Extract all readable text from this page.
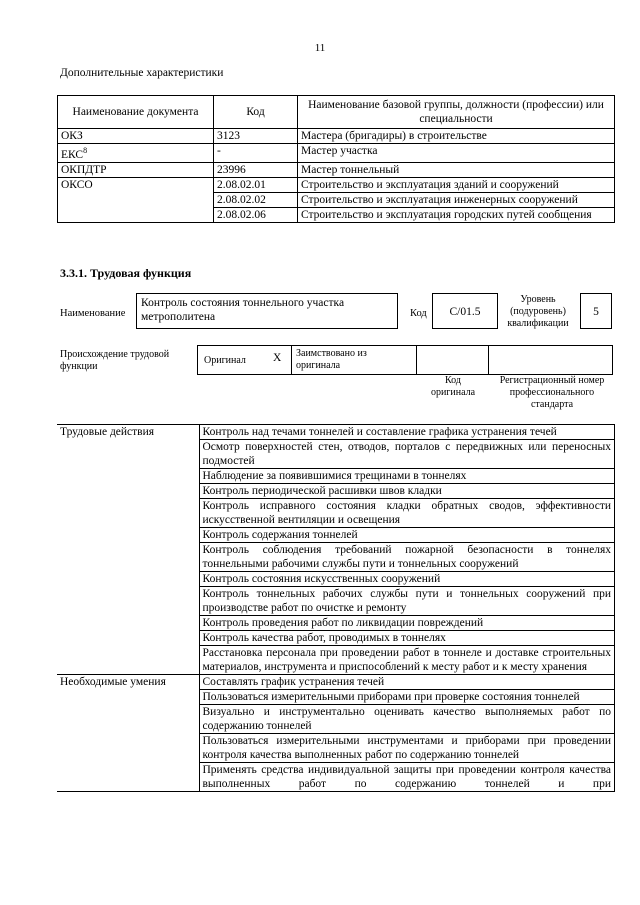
11
Дополнительные характеристики
Наименование документа	Код	Наименование базовой группы, должности (профессии) или специальности
ОКЗ	3123	Мастера (бригадиры) в строительстве
ЕКС$^8$	-	Мастер участка
ОКПДТР	23996	Мастер тоннельный
ОКСО	2.08.02.01	Строительство и эксплуатация зданий и сооружений
	2.08.02.02	Строительство и эксплуатация инженерных сооружений
	2.08.02.06	Строительство и эксплуатация городских путей сообщения
3.3.1. Трудовая функция
Наименование
Контроль состояния тоннельного участка метрополитена	Код	С/01.5
Уровень (подуровень) квалификации
5
Происхождение трудовой функции
Оригинал X Заимствовано из оригинала
Код оригинала
Регистрационный номер профессионального стандарта
Трудовые действия	Контроль над течами тоннелей и составление графика устранения течей
	Осмотр поверхностей стен, отводов, порталов с передвижных или переносных подмостей
	Наблюдение за появившимися трещинами в тоннелях
	Контроль периодической расшивки швов кладки
	Контроль исправного состояния кладки обратных сводов, эффективности искусственной вентиляции и освещения
	Контроль содержания тоннелей
	Контроль соблюдения требований пожарной безопасности в тоннелях тоннельными рабочими службы пути и тоннельных сооружений
	Контроль состояния искусственных сооружений
	Контроль тоннельных рабочих службы пути и тоннельных сооружений при производстве работ по очистке и ремонту
	Контроль проведения работ по ликвидации повреждений
	Контроль качества работ, проводимых в тоннелях
	Расстановка персонала при проведении работ в тоннеле и доставке строительных материалов, инструмента и приспособлений к месту работ и к месту хранения
Необходимые умения	Составлять график устранения течей
	Пользоваться измерительными приборами при проверке состояния тоннелей
	Визуально и инструментально оценивать качество выполняемых работ по содержанию тоннелей
	Пользоваться измерительными инструментами и приборами при проведении контроля качества выполненных работ по содержанию тоннелей
	Применять средства индивидуальной защиты при проведении контроля качества выполненных работ по содержанию тоннелей и при
